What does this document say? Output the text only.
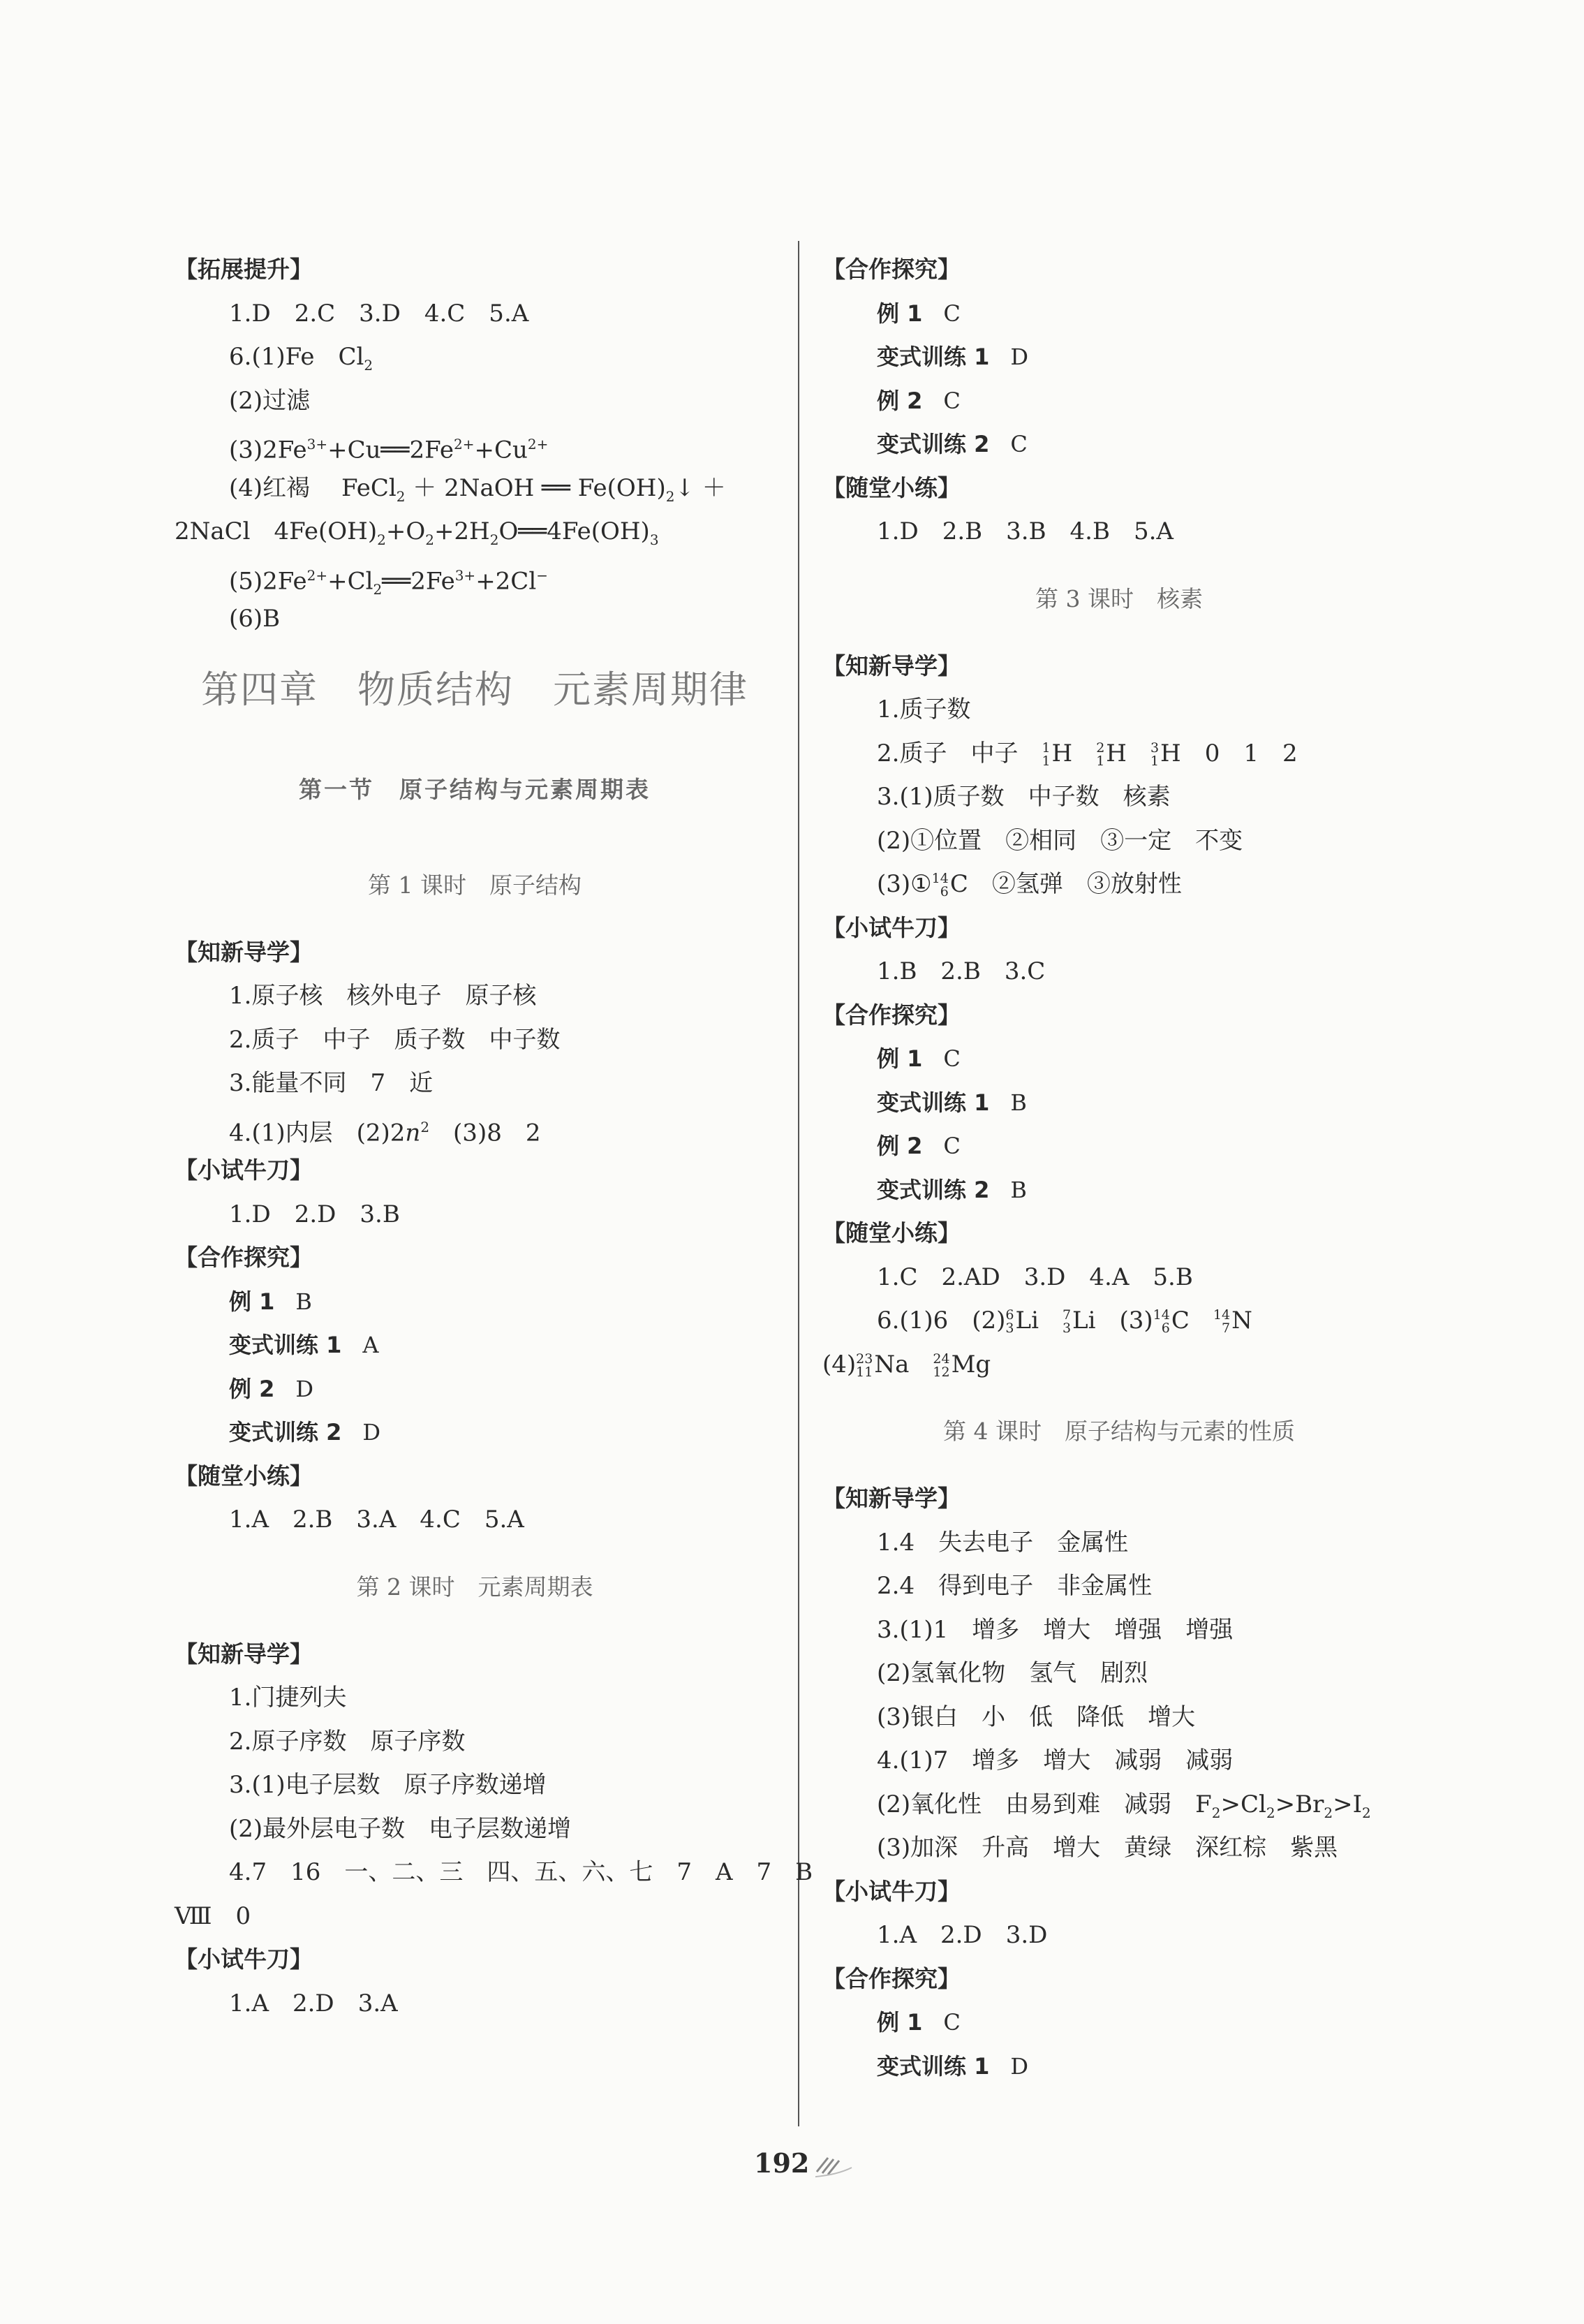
【拓展提升】
1.D　2.C　3.D　4.C　5.A
6.(1)Fe　$Cl_2$
(2)过滤
$(3)2Fe^{3+}+Cu══2Fe^{2+}+Cu^{2+}$
(4)红褐　 FeCl$_2$ ＋ 2NaOH ══ $Fe(OH)_2↓$ ＋
2NaCl　$4Fe(OH)_2+O_2+2H_2O══4Fe(OH)_3$
$(5)2Fe^{2+}+Cl_2══2Fe^{3+}+2Cl^-$
(6)B
第四章　物质结构　元素周期律
第一节　原子结构与元素周期表
第 1 课时　原子结构
【知新导学】
1.原子核　核外电子　原子核
2.质子　中子　质子数　中子数
3.能量不同　7　近
4.(1)内层　$(2)2n^2$　 (3)8　2
【小试牛刀】
1.D　2.D　3.B
【合作探究】
例 1 B
变式训练 1 A
例 2 D
变式训练 2 D
【随堂小练】
1.A　2.B　3.A　4.C　5.A
第 2 课时　元素周期表
【知新导学】
1.门捷列夫
2.原子序数　原子序数
3.(1)电子层数　原子序数递增
(2)最外层电子数　电子层数递增
4.7　16　一、二、三　四、五、六、七　7　A　7　B
Ⅷ　0
【小试牛刀】
1.A　2.D　3.A
【合作探究】
例 1 C
变式训练 1 D
例 2 C
变式训练 2 C
【随堂小练】
1.D　2.B　3.B　4.B　5.A
第 3 课时　核素
【知新导学】
1.质子数
2.质子　中子　 1
1 H　 2
1 H　 3
1 H　0　1　2
3.(1)质子数　中子数　核素
(2)①位置　②相同　③一定　不变
(3)① 14
6 C　②氢弹　③放射性
【小试牛刀】
1.B　2.B　3.C
【合作探究】
例 1 C
变式训练 1 B
例 2 C
变式训练 2 B
【随堂小练】
1.C　2.AD　3.D　4.A　5.B
6.(1)6　(2) 6
3 Li　 7
3 Li　(3) 14
6 C　 14
7 N
(4) 23
11 Na　 24
12 Mg
第 4 课时　原子结构与元素的性质
【知新导学】
1.4　失去电子　金属性
2.4　得到电子　非金属性
3.(1)1　增多　增大　增强　增强
(2)氢氧化物　氢气　剧烈
(3)银白　小　低　降低　增大
4.(1)7　增多　增大　减弱　减弱
(2)氧化性　由易到难　减弱　$F_2>Cl_2>Br_2>I_2$
(3)加深　升高　增大　黄绿　深红棕　紫黑
【小试牛刀】
1.A　2.D　3.D
【合作探究】
例 1 C
变式训练 1 D
192
